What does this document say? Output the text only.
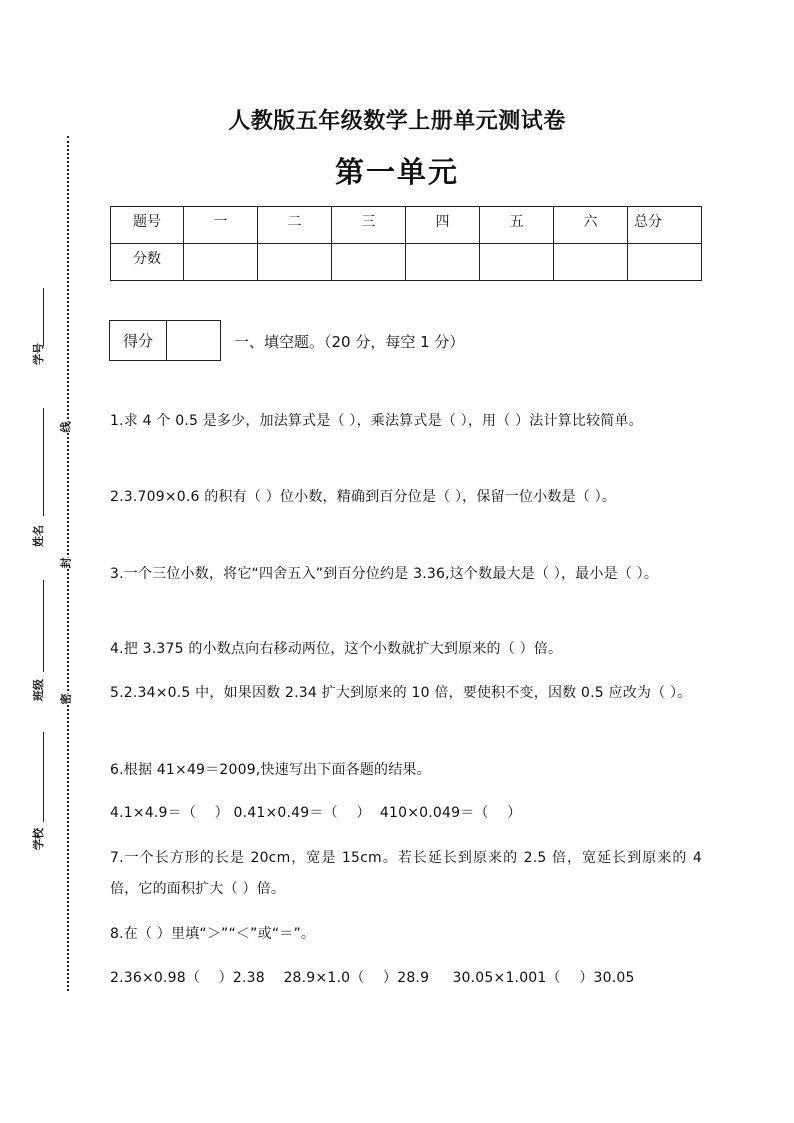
学号
姓名
班级
学校
线
封
密
人教版五年级数学上册单元测试卷
第一单元
题号	一	二	三	四	五	六	总分
分数							
得分	一、填空题。（20 分，每空 1 分）
1.求 4 个 0.5 是多少，加法算式是（ ），乘法算式是（ ），用（ ）法计算比较简单。
2.3.709×0.6 的积有（ ）位小数，精确到百分位是（ ），保留一位小数是（ ）。
3.一个三位小数，将它“四舍五入”到百分位约是 3.36,这个数最大是（ ），最小是（ ）。
4.把 3.375 的小数点向右移动两位，这个小数就扩大到原来的（ ）倍。
5.2.34×0.5 中，如果因数 2.34 扩大到原来的 10 倍，要使积不变，因数 0.5 应改为（ ）。
6.根据 41×49＝2009,快速写出下面各题的结果。
4.1×4.9＝（    ） 0.41×0.49＝（    ）  410×0.049＝（    ）
7.一个长方形的长是 20cm，宽是 15cm。若长延长到原来的 2.5 倍，宽延长到原来的 4 倍，它的面积扩大（ ）倍。
8.在（ ）里填“＞”“＜”或“＝”。
2.36×0.98（    ）2.38    28.9×1.0（    ）28.9     30.05×1.001（    ）30.05
